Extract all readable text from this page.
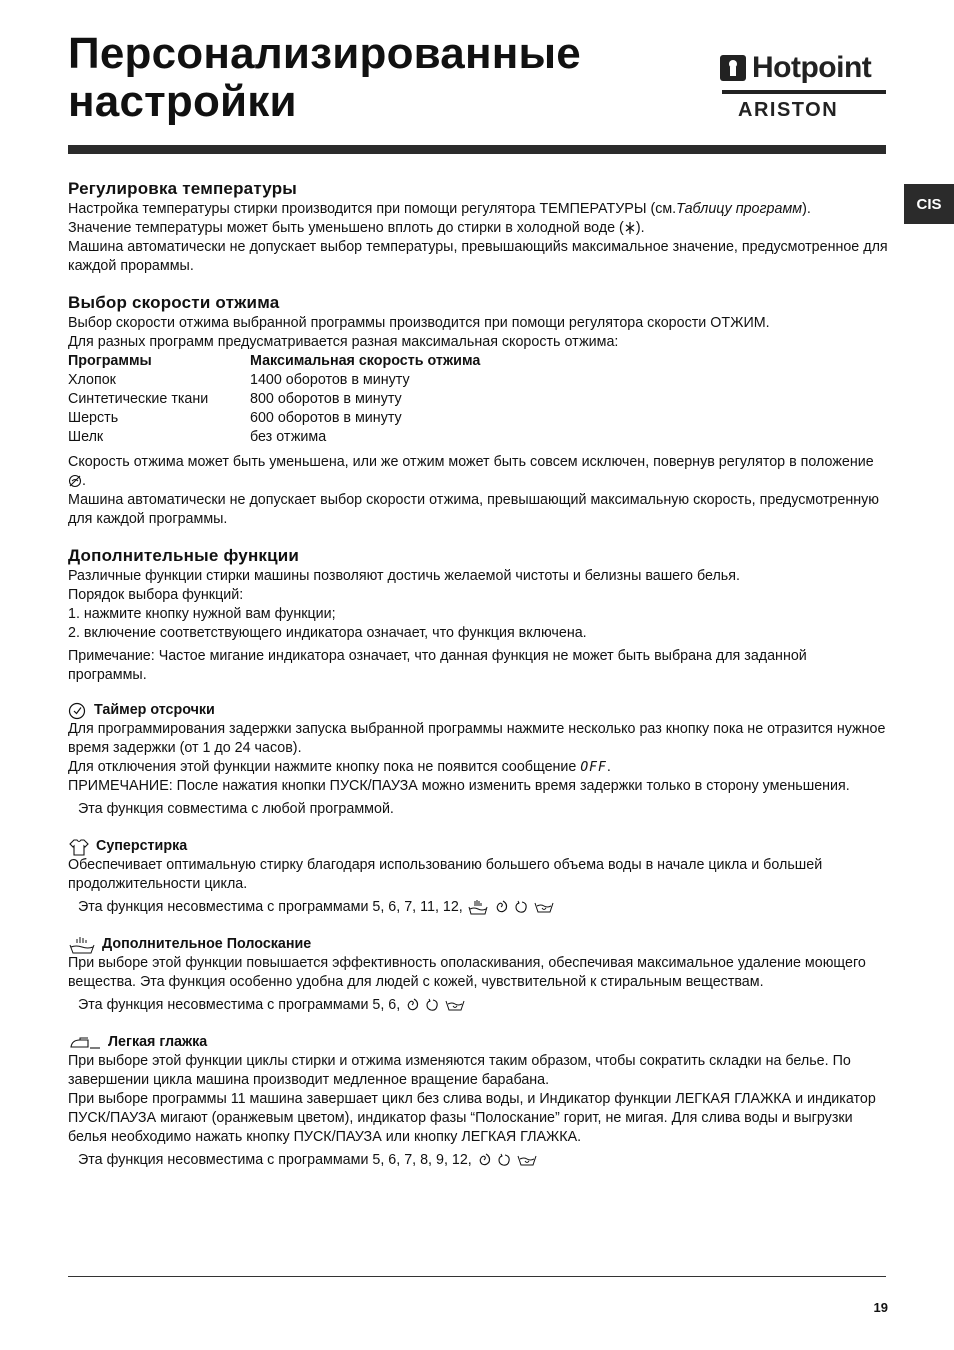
Персонализированные настройки
Hotpoint
ARISTON
CIS
Регулировка температуры

Настройка температуры стирки производится при помощи регулятора ТЕМПЕРАТУРЫ (см.Таблицу программ).

Значение температуры может быть уменьшено вплоть до стирки в холодной воде ( ).

Машина автоматически не допускает выбор температуры, превышающийs максимальное значение, предусмотренное для каждой прораммы.

Выбор скорости отжима

Выбор скорости отжима выбранной программы производится при помощи регулятора скорости ОТЖИМ.

Для разных программ предусматривается разная максимальная скорость отжима:

Программы	Максимальная скорость отжима
Хлопок	1400 оборотов в минуту
Синтетические ткани	800 оборотов в минуту
Шерсть	600 оборотов в минуту
Шелк	без отжима

Скорость отжима может быть уменьшена, или же отжим может быть совсем исключен, повернув регулятор в положение .

Машина автоматически не допускает выбор скорости отжима, превышающий максимальную скорость, предусмотренную для каждой программы.

Дополнительные функции

Различные функции стирки машины позволяют достичь желаемой чистоты и белизны вашего белья.

Порядок выбора функций:

1. нажмите кнопку нужной вам функции;

2. включение соответствующего индикатора означает, что функция включена.

Примечание: Частое мигание индикатора означает, что данная функция не может быть выбрана для заданной программы.

Таймер отсрочки

Для программирования задержки запуска выбранной программы нажмите несколько раз кнопку пока не отразится нужное время задержки (от 1 до 24 часов).

Для отключения этой функции нажмите кнопку пока не появится сообщение OFF.

ПРИМЕЧАНИЕ: После нажатия кнопки ПУСК/ПАУЗА можно изменить время задержки только в сторону уменьшения.

Эта функция совместима с любой программой.

Суперстирка

Обеспечивает оптимальную стирку благодаря использованию большего объема воды в начале цикла и большей продолжительности цикла.

Эта функция несовместима с программами 5, 6, 7, 11, 12,

Дополнительное Полоскание

При выборе этой функции повышается эффективность ополаскивания, обеспечивая максимальное удаление моющего вещества. Эта функция особенно удобна для людей с кожей, чувствительной к стиральным веществам.

Эта функция несовместима с программами 5, 6,

Легкая глажка

При выборе этой функции циклы стирки и отжима изменяются таким образом, чтобы сократить складки на белье. По завершении цикла машина производит медленное вращение барабана.

При выборе программы 11 машина завершает цикл без слива воды, и Индикатор функции ЛЕГКАЯ ГЛАЖКА и индикатор ПУСК/ПАУЗА мигают (оранжевым цветом), индикатор фазы “Полоскание” горит, не мигая. Для слива воды и выгрузки белья необходимо нажать кнопку ПУСК/ПАУЗА или кнопку ЛЕГКАЯ ГЛАЖКА.

Эта функция несовместима с программами 5, 6, 7, 8, 9, 12,

19
